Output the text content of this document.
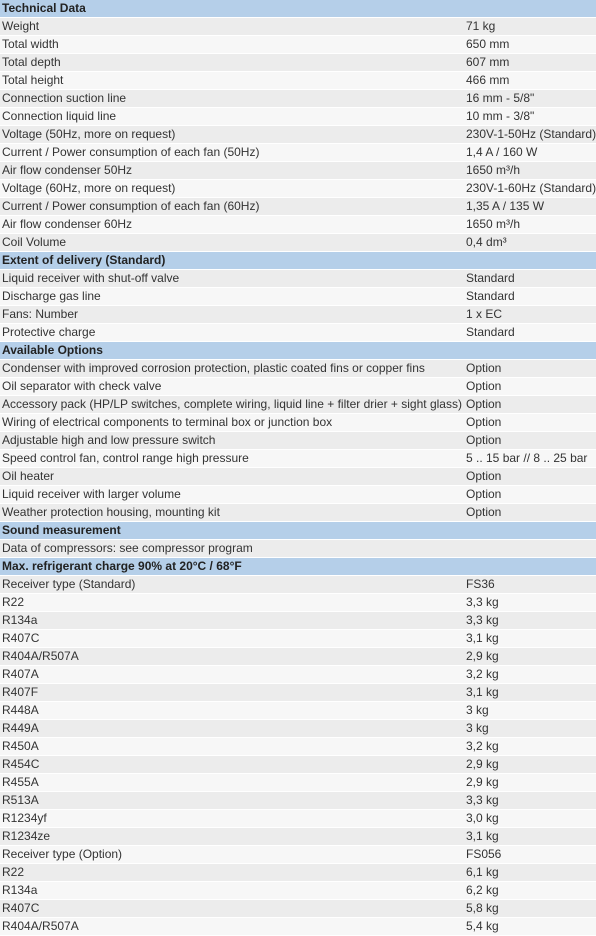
Technical Data	
Weight	71 kg
Total width	650 mm
Total depth	607 mm
Total height	466 mm
Connection suction line	16 mm - 5/8"
Connection liquid line	10 mm - 3/8"
Voltage (50Hz, more on request)	230V-1-50Hz (Standard)
Current / Power consumption of each fan (50Hz)	1,4 A / 160 W
Air flow condenser 50Hz	1650 m³/h
Voltage (60Hz, more on request)	230V-1-60Hz (Standard)
Current / Power consumption of each fan (60Hz)	1,35 A / 135 W
Air flow condenser 60Hz	1650 m³/h
Coil Volume	0,4 dm³
Extent of delivery (Standard)	
Liquid receiver with shut-off valve	Standard
Discharge gas line	Standard
Fans: Number	1 x EC
Protective charge	Standard
Available Options	
Condenser with improved corrosion protection, plastic coated fins or copper fins	Option
Oil separator with check valve	Option
Accessory pack (HP/LP switches, complete wiring, liquid line + filter drier + sight glass)	Option
Wiring of electrical components to terminal box or junction box	Option
Adjustable high and low pressure switch	Option
Speed control fan, control range high pressure	5 .. 15 bar // 8 .. 25 bar
Oil heater	Option
Liquid receiver with larger volume	Option
Weather protection housing, mounting kit	Option
Sound measurement	
Data of compressors: see compressor program	
Max. refrigerant charge 90% at 20°C / 68°F	
Receiver type (Standard)	FS36
R22	3,3 kg
R134a	3,3 kg
R407C	3,1 kg
R404A/R507A	2,9 kg
R407A	3,2 kg
R407F	3,1 kg
R448A	3 kg
R449A	3 kg
R450A	3,2 kg
R454C	2,9 kg
R455A	2,9 kg
R513A	3,3 kg
R1234yf	3,0 kg
R1234ze	3,1 kg
Receiver type (Option)	FS056
R22	6,1 kg
R134a	6,2 kg
R407C	5,8 kg
R404A/R507A	5,4 kg
